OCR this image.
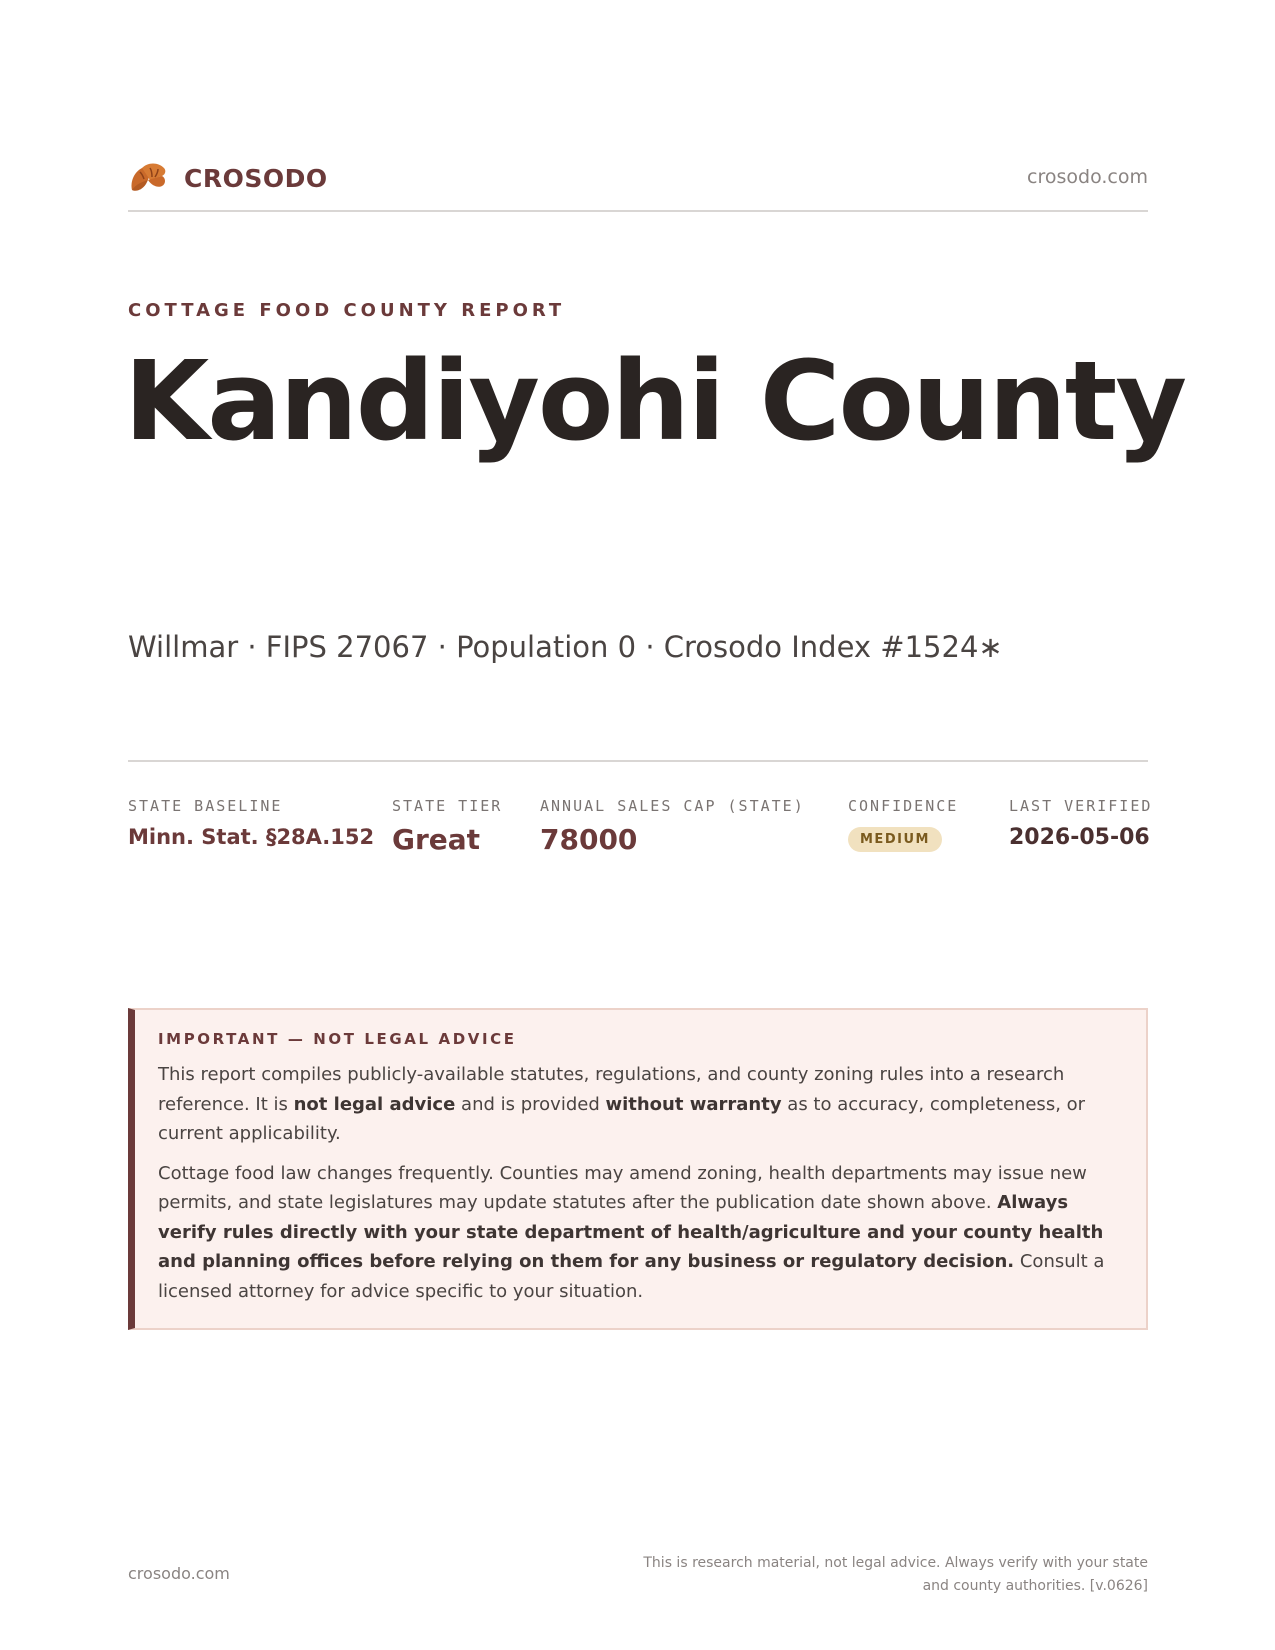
CROSODO	crosodo.com
COTTAGE FOOD COUNTY REPORT
Kandiyohi County
Willmar · FIPS 27067 · Population 0 · Crosodo Index #1524∗
STATE BASELINE
Minn. Stat. §28A.152
STATE TIER
Great
ANNUAL SALES CAP (STATE)
78000
CONFIDENCE
MEDIUM
LAST VERIFIED
2026-05-06
IMPORTANT — NOT LEGAL ADVICE

This report compiles publicly-available statutes, regulations, and county zoning rules into a research reference. It is not legal advice and is provided without warranty as to accuracy, completeness, or current applicability.

Cottage food law changes frequently. Counties may amend zoning, health departments may issue new permits, and state legislatures may update statutes after the publication date shown above. Always verify rules directly with your state department of health/agriculture and your county health and planning offices before relying on them for any business or regulatory decision. Consult a licensed attorney for advice specific to your situation.

crosodo.com
This is research material, not legal advice. Always verify with your state and county authorities. [v.0626]
